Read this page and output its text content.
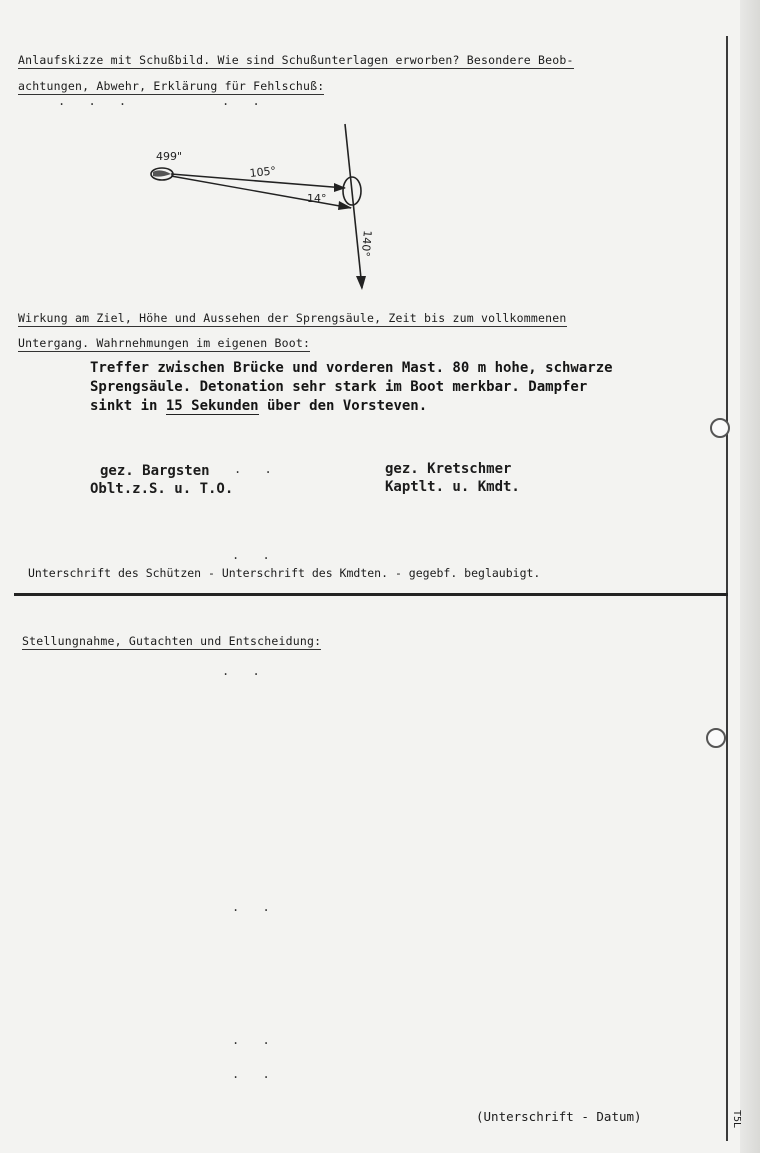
Anlaufskizze mit Schußbild. Wie sind Schußunterlagen erworben? Besondere Beob-
achtungen, Abwehr, Erklärung für Fehlschuß:
. . .	. .
499"
105°
14°
140°
Wirkung am Ziel, Höhe und Aussehen der Sprengsäule, Zeit bis zum vollkommenen
Untergang. Wahrnehmungen im eigenen Boot:
Treffer zwischen Brücke und vorderen Mast. 80 m hohe, schwarze
Sprengsäule. Detonation sehr stark im Boot merkbar. Dampfer
sinkt in 15 Sekunden über den Vorsteven.
gez. Bargsten . .
Oblt.z.S. u. T.O.
gez. Kretschmer
Kaptlt. u. Kmdt.
. .
Unterschrift des Schützen - Unterschrift des Kmdten. - gegebf. beglaubigt.
Stellungnahme, Gutachten und Entscheidung:
. .
. .
. .
. .
(Unterschrift - Datum)	T5L
